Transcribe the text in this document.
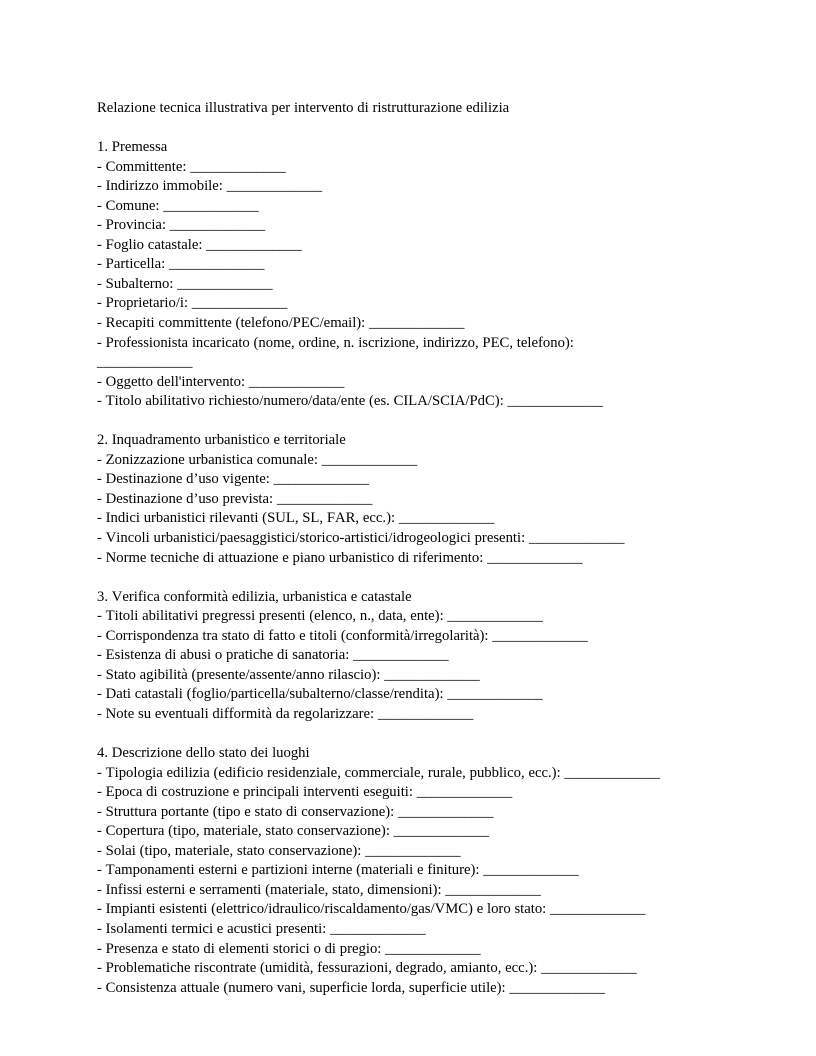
Relazione tecnica illustrativa per intervento di ristrutturazione edilizia
1. Premessa
- Committente: _____________
- Indirizzo immobile: _____________
- Comune: _____________
- Provincia: _____________
- Foglio catastale: _____________
- Particella: _____________
- Subalterno: _____________
- Proprietario/i: _____________
- Recapiti committente (telefono/PEC/email): _____________
- Professionista incaricato (nome, ordine, n. iscrizione, indirizzo, PEC, telefono):
_____________
- Oggetto dell'intervento: _____________
- Titolo abilitativo richiesto/numero/data/ente (es. CILA/SCIA/PdC): _____________
2. Inquadramento urbanistico e territoriale
- Zonizzazione urbanistica comunale: _____________
- Destinazione d’uso vigente: _____________
- Destinazione d’uso prevista: _____________
- Indici urbanistici rilevanti (SUL, SL, FAR, ecc.): _____________
- Vincoli urbanistici/paesaggistici/storico-artistici/idrogeologici presenti: _____________
- Norme tecniche di attuazione e piano urbanistico di riferimento: _____________
3. Verifica conformità edilizia, urbanistica e catastale
- Titoli abilitativi pregressi presenti (elenco, n., data, ente): _____________
- Corrispondenza tra stato di fatto e titoli (conformità/irregolarità): _____________
- Esistenza di abusi o pratiche di sanatoria: _____________
- Stato agibilità (presente/assente/anno rilascio): _____________
- Dati catastali (foglio/particella/subalterno/classe/rendita): _____________
- Note su eventuali difformità da regolarizzare: _____________
4. Descrizione dello stato dei luoghi
- Tipologia edilizia (edificio residenziale, commerciale, rurale, pubblico, ecc.): _____________
- Epoca di costruzione e principali interventi eseguiti: _____________
- Struttura portante (tipo e stato di conservazione): _____________
- Copertura (tipo, materiale, stato conservazione): _____________
- Solai (tipo, materiale, stato conservazione): _____________
- Tamponamenti esterni e partizioni interne (materiali e finiture): _____________
- Infissi esterni e serramenti (materiale, stato, dimensioni): _____________
- Impianti esistenti (elettrico/idraulico/riscaldamento/gas/VMC) e loro stato: _____________
- Isolamenti termici e acustici presenti: _____________
- Presenza e stato di elementi storici o di pregio: _____________
- Problematiche riscontrate (umidità, fessurazioni, degrado, amianto, ecc.): _____________
- Consistenza attuale (numero vani, superficie lorda, superficie utile): _____________
